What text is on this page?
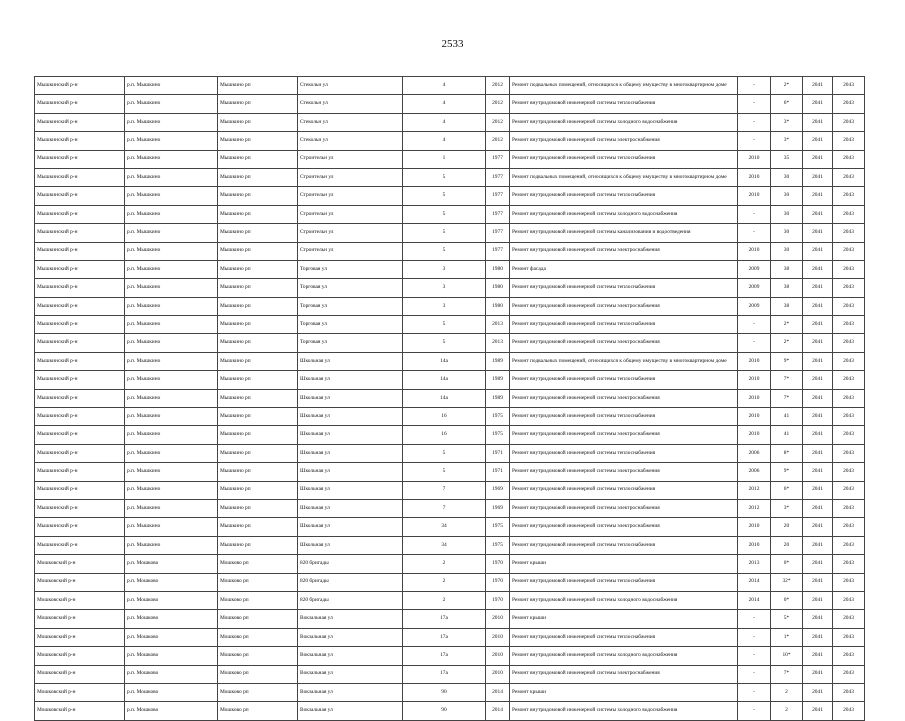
2533
Мышкинский р-н	р.п. Мышкино	Мышкино рп	Стекольн ул	4	2012	Ремонт подвальных помещений, относящихся к общему имуществу в многоквартирном доме	-	2*	2041	2043
Мышкинский р-н	р.п. Мышкино	Мышкино рп	Стекольн ул	4	2012	Ремонт внутридомовой инженерной системы теплоснабжения	-	6*	2041	2043
Мышкинский р-н	р.п. Мышкино	Мышкино рп	Стекольн ул	4	2012	Ремонт внутридомовой инженерной системы холодного водоснабжения	-	3*	2041	2043
Мышкинский р-н	р.п. Мышкино	Мышкино рп	Стекольн ул	4	2012	Ремонт внутридомовой инженерной системы электроснабжения	-	3*	2041	2043
Мышкинский р-н	р.п. Мышкино	Мышкино рп	Строительн ул	1	1977	Ремонт внутридомовой инженерной системы теплоснабжения	2010	35	2041	2043
Мышкинский р-н	р.п. Мышкино	Мышкино рп	Строительн ул	5	1977	Ремонт подвальных помещений, относящихся к общему имуществу в многоквартирном доме	2010	30	2041	2043
Мышкинский р-н	р.п. Мышкино	Мышкино рп	Строительн ул	5	1977	Ремонт внутридомовой инженерной системы теплоснабжения	2010	30	2041	2043
Мышкинский р-н	р.п. Мышкино	Мышкино рп	Строительн ул	5	1977	Ремонт внутридомовой инженерной системы холодного водоснабжения	-	30	2041	2043
Мышкинский р-н	р.п. Мышкино	Мышкино рп	Строительн ул	5	1977	Ремонт внутридомовой инженерной системы канализования и водоотведения	-	30	2041	2043
Мышкинский р-н	р.п. Мышкино	Мышкино рп	Строительн ул	5	1977	Ремонт внутридомовой инженерной системы электроснабжения	2010	30	2041	2043
Мышкинский р-н	р.п. Мышкино	Мышкино рп	Торговая ул	3	1980	Ремонт фасада	2009	38	2041	2043
Мышкинский р-н	р.п. Мышкино	Мышкино рп	Торговая ул	3	1980	Ремонт внутридомовой инженерной системы теплоснабжения	2009	38	2041	2043
Мышкинский р-н	р.п. Мышкино	Мышкино рп	Торговая ул	3	1980	Ремонт внутридомовой инженерной системы электроснабжения	2009	38	2041	2043
Мышкинский р-н	р.п. Мышкино	Мышкино рп	Торговая ул	5	2013	Ремонт внутридомовой инженерной системы теплоснабжения	-	2*	2041	2043
Мышкинский р-н	р.п. Мышкино	Мышкино рп	Торговая ул	5	2013	Ремонт внутридомовой инженерной системы электроснабжения	-	2*	2041	2043
Мышкинский р-н	р.п. Мышкино	Мышкино рп	Школьная ул	14а	1989	Ремонт подвальных помещений, относящихся к общему имуществу в многоквартирном доме	2010	9*	2041	2043
Мышкинский р-н	р.п. Мышкино	Мышкино рп	Школьная ул	14а	1989	Ремонт внутридомовой инженерной системы теплоснабжения	2010	7*	2041	2043
Мышкинский р-н	р.п. Мышкино	Мышкино рп	Школьная ул	14а	1989	Ремонт внутридомовой инженерной системы электроснабжения	2010	7*	2041	2043
Мышкинский р-н	р.п. Мышкино	Мышкино рп	Школьная ул	16	1975	Ремонт внутридомовой инженерной системы теплоснабжения	2010	41	2041	2043
Мышкинский р-н	р.п. Мышкино	Мышкино рп	Школьная ул	16	1975	Ремонт внутридомовой инженерной системы электроснабжения	2010	41	2041	2043
Мышкинский р-н	р.п. Мышкино	Мышкино рп	Школьная ул	5	1971	Ремонт внутридомовой инженерной системы теплоснабжения	2006	8*	2041	2043
Мышкинский р-н	р.п. Мышкино	Мышкино рп	Школьная ул	5	1971	Ремонт внутридомовой инженерной системы электроснабжения	2006	9*	2041	2043
Мышкинский р-н	р.п. Мышкино	Мышкино рп	Школьная ул	7	1969	Ремонт внутридомовой инженерной системы теплоснабжения	2012	6*	2041	2043
Мышкинский р-н	р.п. Мышкино	Мышкино рп	Школьная ул	7	1969	Ремонт внутридомовой инженерной системы электроснабжения	2012	3*	2041	2043
Мышкинский р-н	р.п. Мышкино	Мышкино рп	Школьная ул	34	1975	Ремонт внутридомовой инженерной системы электроснабжения	2010	20	2041	2043
Мышкинский р-н	р.п. Мышкино	Мышкино рп	Школьная ул	34	1975	Ремонт внутридомовой инженерной системы теплоснабжения	2010	20	2041	2043
Мошковский р-н	р.п. Мошково	Мошково рп	820 бригады	2	1970	Ремонт крыши	2013	0*	2041	2043
Мошковский р-н	р.п. Мошково	Мошково рп	820 бригады	2	1970	Ремонт внутридомовой инженерной системы теплоснабжения	2014	32*	2041	2043
Мошковский р-н	р.п. Мошково	Мошково рп	820 бригады	2	1970	Ремонт внутридомовой инженерной системы холодного водоснабжения	2014	0*	2041	2043
Мошковский р-н	р.п. Мошково	Мошково рп	Вокзальная ул	17а	2010	Ремонт крыши	-	5*	2041	2043
Мошковский р-н	р.п. Мошково	Мошково рп	Вокзальная ул	17а	2010	Ремонт внутридомовой инженерной системы теплоснабжения	-	1*	2041	2043
Мошковский р-н	р.п. Мошково	Мошково рп	Вокзальная ул	17а	2010	Ремонт внутридомовой инженерной системы холодного водоснабжения	-	10*	2041	2043
Мошковский р-н	р.п. Мошково	Мошково рп	Вокзальная ул	17а	2010	Ремонт внутридомовой инженерной системы электроснабжения	-	7*	2041	2043
Мошковский р-н	р.п. Мошково	Мошково рп	Вокзальная ул	90	2014	Ремонт крыши	-	2	2041	2043
Мошковский р-н	р.п. Мошково	Мошково рп	Вокзальная ул	90	2014	Ремонт внутридомовой инженерной системы холодного водоснабжения	-	2	2041	2043
